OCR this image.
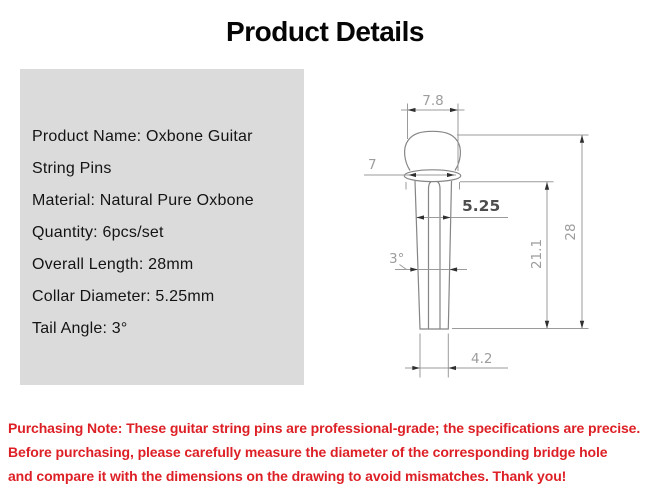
Product Details
Product Name: Oxbone Guitar
String Pins
Material: Natural Pure Oxbone
Quantity: 6pcs/set
Overall Length: 28mm
Collar Diameter: 5.25mm
Tail Angle: 3°
7.8
7
5.25
3°	21.1
28
4.2
Purchasing Note: These guitar string pins are professional-grade; the specifications are precise.
Before purchasing, please carefully measure the diameter of the corresponding bridge hole
and compare it with the dimensions on the drawing to avoid mismatches. Thank you!
